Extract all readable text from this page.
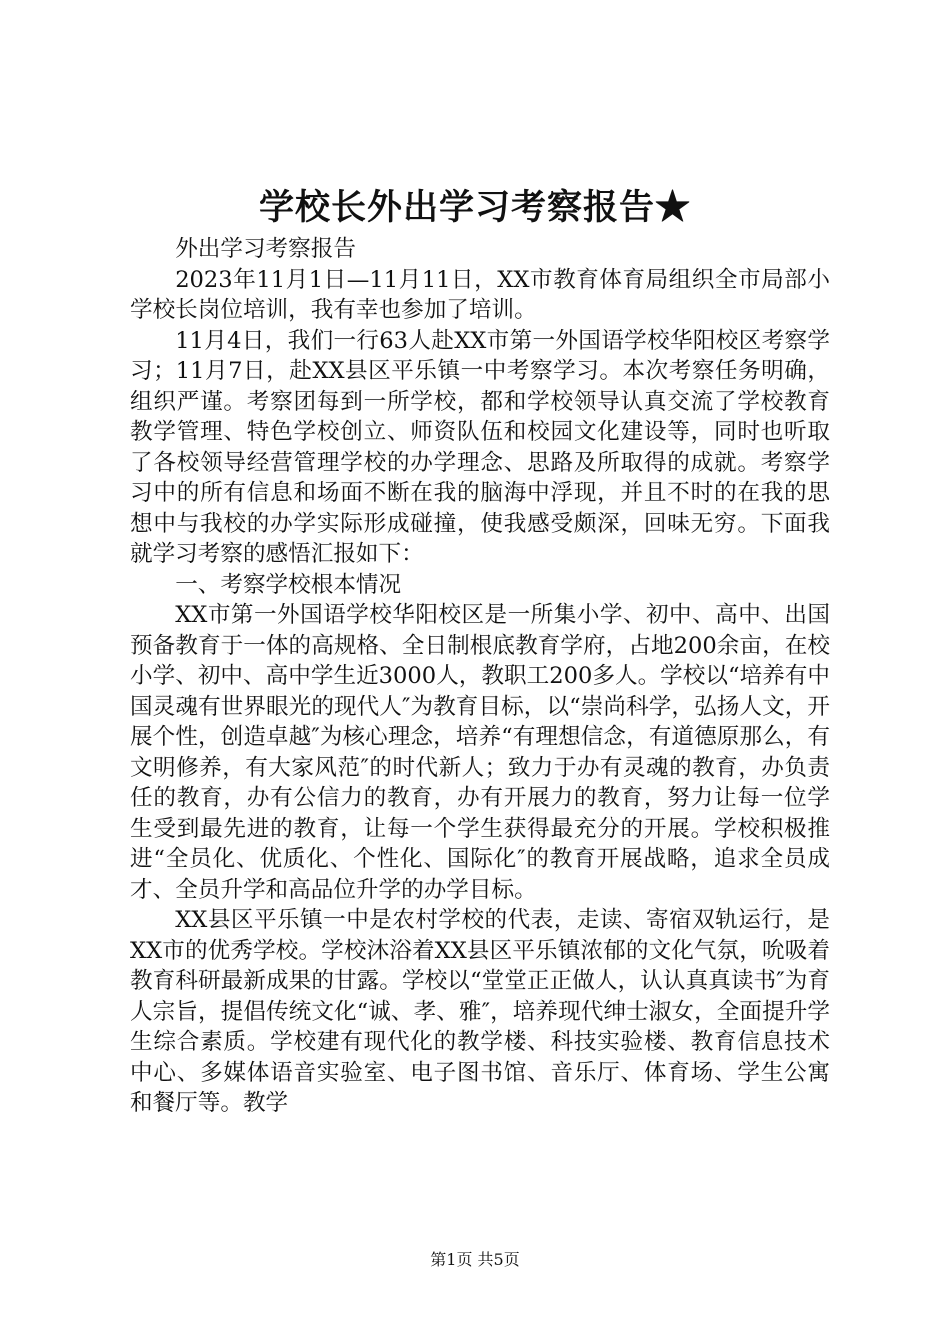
学校长外出学习考察报告★

外出学习考察报告

2023年11月1日—11月11日，XX市教育体育局组织全市局部小学校长岗位培训，我有幸也参加了培训。

11月4日，我们一行63人赴XX市第一外国语学校华阳校区考察学习；11月7日，赴XX县区平乐镇一中考察学习。本次考察任务明确，组织严谨。考察团每到一所学校，都和学校领导认真交流了学校教育教学管理、特色学校创立、师资队伍和校园文化建设等，同时也听取了各校领导经营管理学校的办学理念、思路及所取得的成就。考察学习中的所有信息和场面不断在我的脑海中浮现，并且不时的在我的思想中与我校的办学实际形成碰撞，使我感受颇深，回味无穷。下面我就学习考察的感悟汇报如下：

一、考察学校根本情况

XX市第一外国语学校华阳校区是一所集小学、初中、高中、出国预备教育于一体的高规格、全日制根底教育学府，占地200余亩，在校小学、初中、高中学生近3000人，教职工200多人。学校以“培养有中国灵魂有世界眼光的现代人″为教育目标，以“崇尚科学，弘扬人文，开展个性，创造卓越″为核心理念，培养“有理想信念，有道德原那么，有文明修养，有大家风范″的时代新人；致力于办有灵魂的教育，办负责任的教育，办有公信力的教育，办有开展力的教育，努力让每一位学生受到最先进的教育，让每一个学生获得最充分的开展。学校积极推进“全员化、优质化、个性化、国际化″的教育开展战略，追求全员成才、全员升学和高品位升学的办学目标。

XX县区平乐镇一中是农村学校的代表，走读、寄宿双轨运行，是XX市的优秀学校。学校沐浴着XX县区平乐镇浓郁的文化气氛，吮吸着教育科研最新成果的甘露。学校以“堂堂正正做人，认认真真读书″为育人宗旨，提倡传统文化“诚、孝、雅″，培养现代绅士淑女，全面提升学生综合素质。学校建有现代化的教学楼、科技实验楼、教育信息技术中心、多媒体语音实验室、电子图书馆、音乐厅、体育场、学生公寓和餐厅等。教学

第1页 共5页
